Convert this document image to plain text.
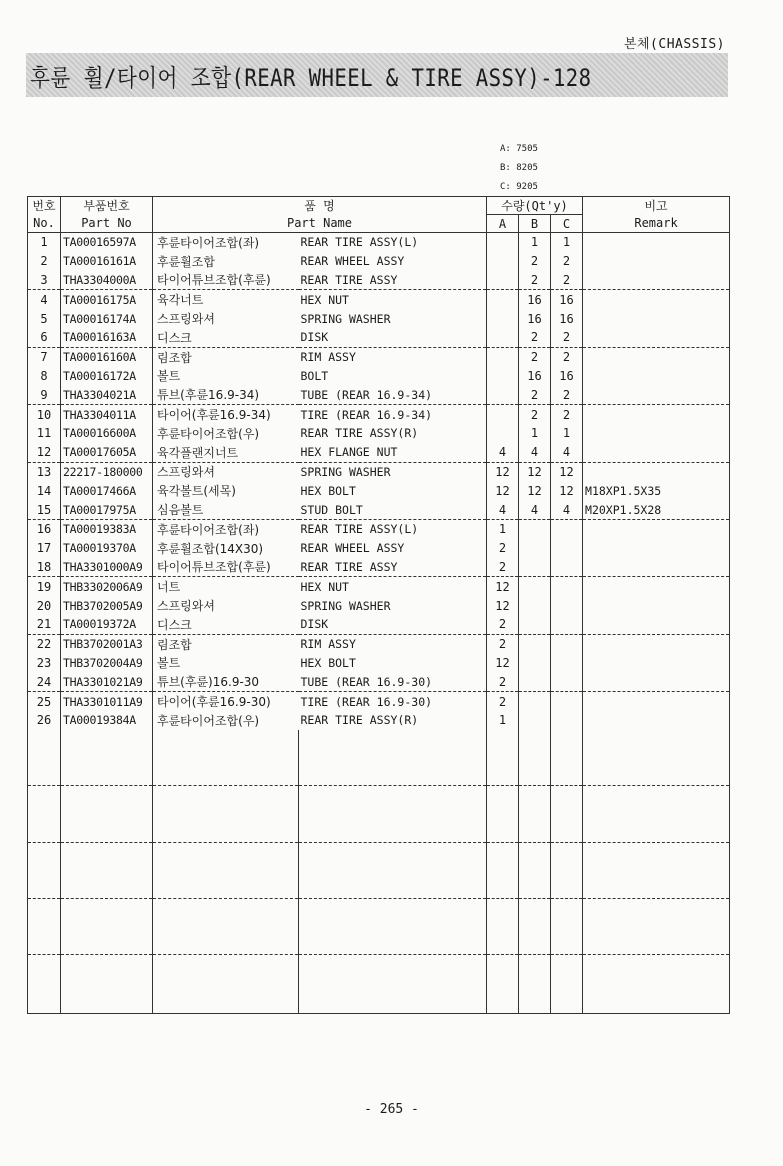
본체(CHASSIS)
후륜 휠/타이어 조합(REAR WHEEL & TIRE ASSY)-128
A: 7505
B: 8205
C: 9205
번호	부품번호	품 명		수량(Qt'y)			비고
No.	Part No	Part Name		A	B	C	Remark
1	TA00016597A	후륜타이어조합(좌)	REAR TIRE ASSY(L)		1	1	
2	TA00016161A	후륜휠조합	REAR WHEEL ASSY		2	2	
3	THA3304000A	타이어튜브조합(후륜)	REAR TIRE ASSY		2	2	
4	TA00016175A	육각너트	HEX NUT		16	16	
5	TA00016174A	스프링와셔	SPRING WASHER		16	16	
6	TA00016163A	디스크	DISK		2	2	
7	TA00016160A	림조합	RIM ASSY		2	2	
8	TA00016172A	볼트	BOLT		16	16	
9	THA3304021A	튜브(후륜16.9-34)	TUBE (REAR 16.9-34)		2	2	
10	THA3304011A	타이어(후륜16.9-34)	TIRE (REAR 16.9-34)		2	2	
11	TA00016600A	후륜타이어조합(우)	REAR TIRE ASSY(R)		1	1	
12	TA00017605A	육각플랜지너트	HEX FLANGE NUT	4	4	4	
13	22217-180000	스프링와셔	SPRING WASHER	12	12	12	
14	TA00017466A	육각볼트(세목)	HEX BOLT	12	12	12	M18XP1.5X35
15	TA00017975A	심음볼트	STUD BOLT	4	4	4	M20XP1.5X28
16	TA00019383A	후륜타이어조합(좌)	REAR TIRE ASSY(L)	1			
17	TA00019370A	후륜휠조합(14X30)	REAR WHEEL ASSY	2			
18	THA3301000A9	타이어튜브조합(후륜)	REAR TIRE ASSY	2			
19	THB3302006A9	너트	HEX NUT	12			
20	THB3702005A9	스프링와셔	SPRING WASHER	12			
21	TA00019372A	디스크	DISK	2			
22	THB3702001A3	림조합	RIM ASSY	2			
23	THB3702004A9	볼트	HEX BOLT	12			
24	THA3301021A9	튜브(후륜)16.9-30	TUBE (REAR 16.9-30)	2			
25	THA3301011A9	타이어(후륜16.9-30)	TIRE (REAR 16.9-30)	2			
26	TA00019384A	후륜타이어조합(우)	REAR TIRE ASSY(R)	1			

- 265 -
